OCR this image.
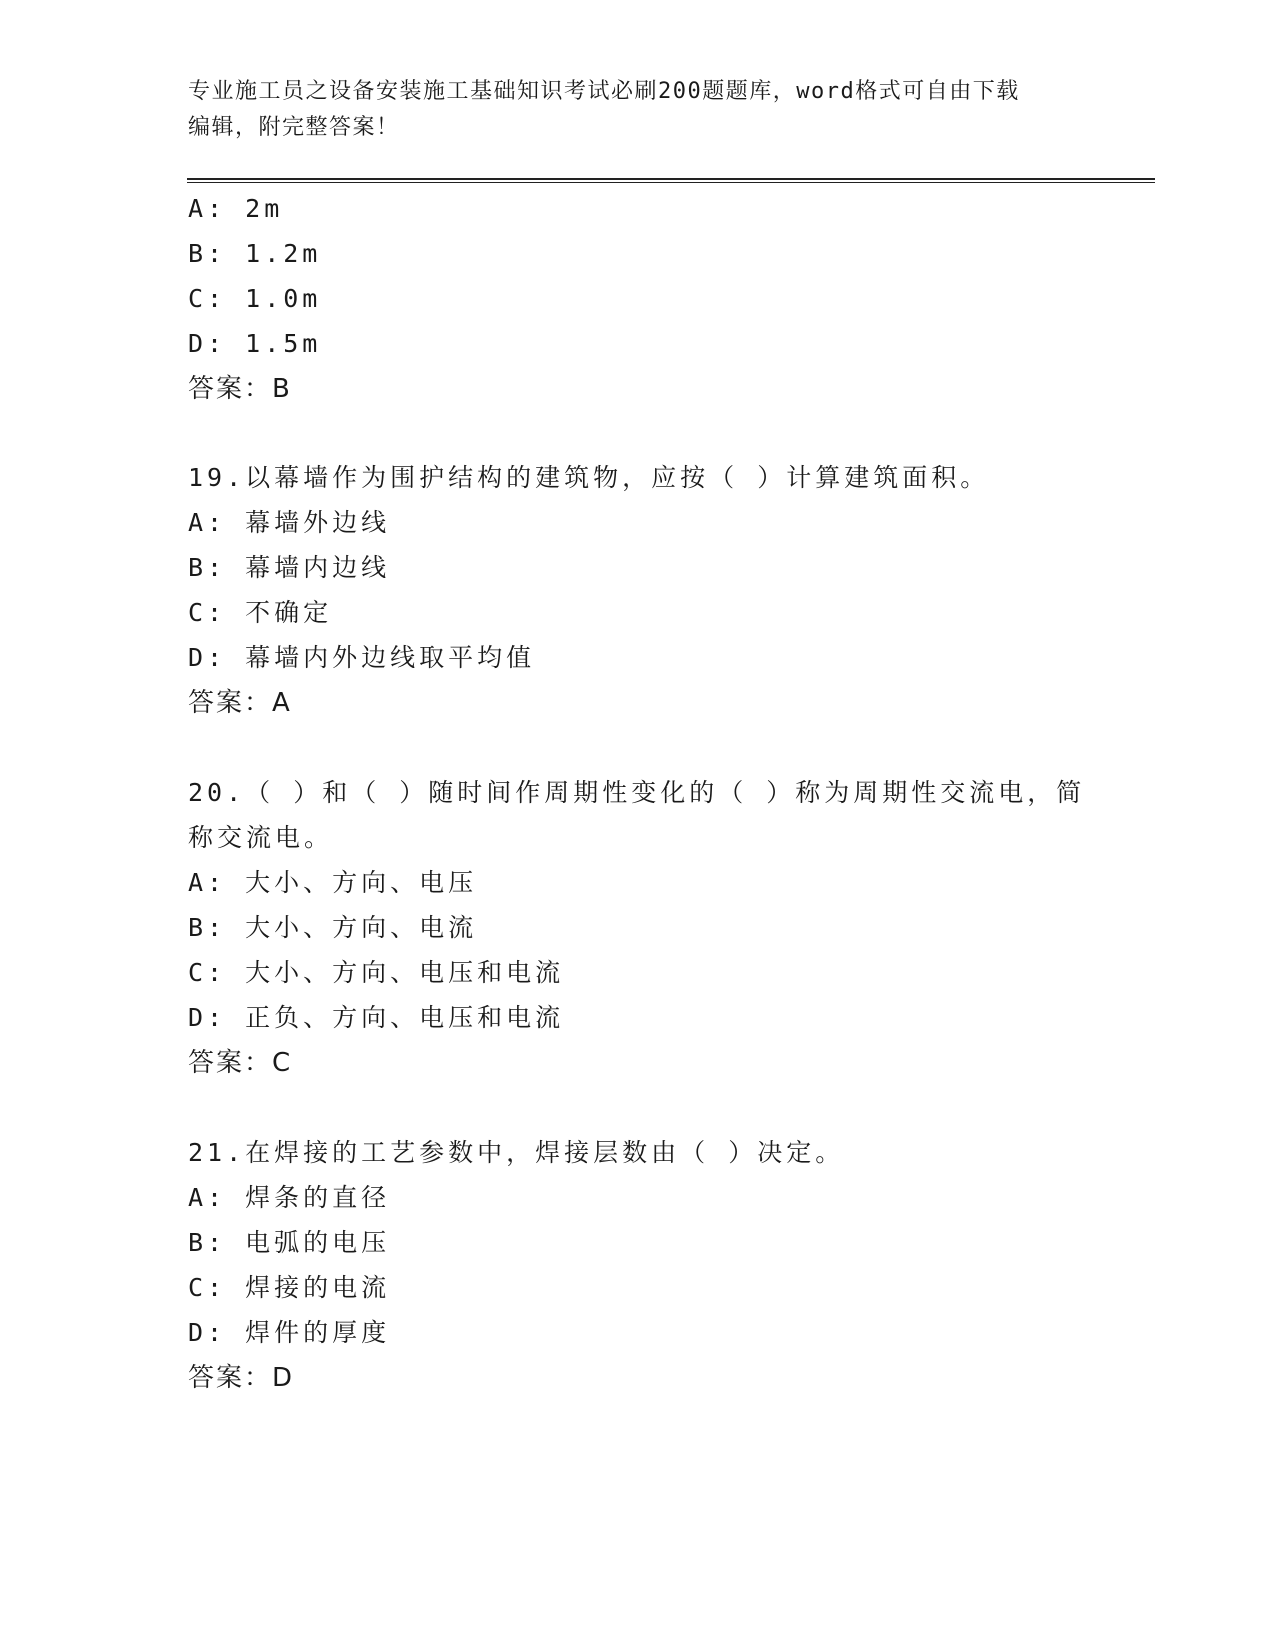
专业施工员之设备安装施工基础知识考试必刷200题题库，word格式可自由下载
编辑，附完整答案！
A: 2m
B: 1.2m
C: 1.0m
D: 1.5m
答案：B
19.以幕墙作为围护结构的建筑物，应按（ ）计算建筑面积。
A: 幕墙外边线
B: 幕墙内边线
C: 不确定
D: 幕墙内外边线取平均值
答案：A
20.（ ）和（ ）随时间作周期性变化的（ ）称为周期性交流电，简
称交流电。
A: 大小、方向、电压
B: 大小、方向、电流
C: 大小、方向、电压和电流
D: 正负、方向、电压和电流
答案：C
21.在焊接的工艺参数中，焊接层数由（ ）决定。
A: 焊条的直径
B: 电弧的电压
C: 焊接的电流
D: 焊件的厚度
答案：D
